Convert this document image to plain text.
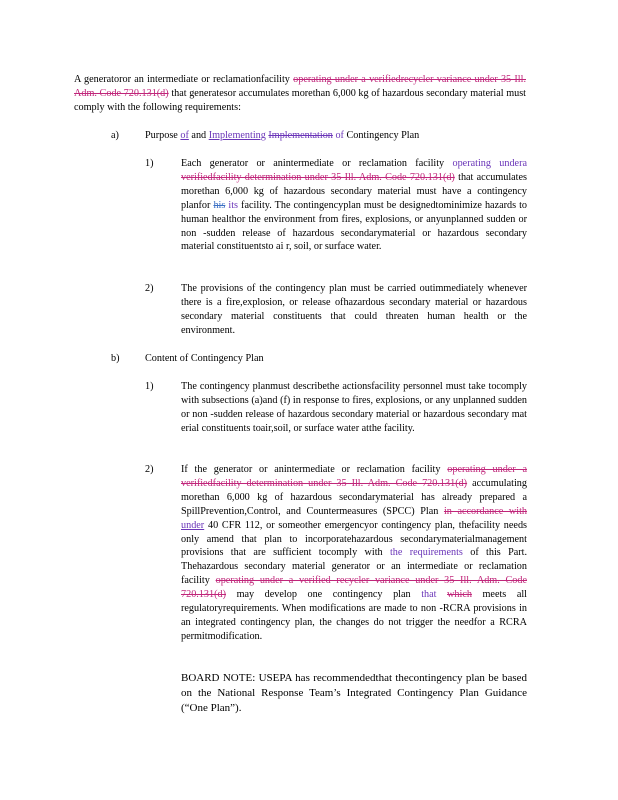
A generatoror an intermediate or reclamationfacility operating under a verifiedrecycler variance under 35 Ill. Adm. Code 720.131(d) that generatesor accumulates morethan 6,000 kg of hazardous secondary material must comply with the following requirements:
a)	Purpose of and Implementing Implementation of Contingency Plan
1)	Each generator or anintermediate or reclamation facility operating undera verifiedfacility determination under 35 Ill. Adm. Code 720.131(d) that accumulates morethan 6,000 kg of hazardous secondary material must have a contingency planfor his its facility. The contingencyplan must be designedtominimize hazards to human healthor the environment from fires, explosions, or anyunplanned sudden or non -sudden release of hazardous secondarymaterial or hazardous secondary material constituentsto ai r, soil, or surface water.
2)	The provisions of the contingency plan must be carried outimmediately whenever there is a fire,explosion, or release ofhazardous secondary material or hazardous secondary material constituents that could threaten human health or the environment.
b)	Content of Contingency Plan
1)	The contingency planmust describethe actionsfacility personnel must take tocomply with subsections (a)and (f) in response to fires, explosions, or any unplanned sudden or non -sudden release of hazardous secondary material or hazardous secondary mat erial constituents toair,soil, or surface water atthe facility.
2)	If the generator or anintermediate or reclamation facility operating under a verifiedfacility determination under 35 Ill. Adm. Code 720.131(d) accumulating morethan 6,000 kg of hazardous secondarymaterial has already prepared a SpillPrevention,Control, and Countermeasures (SPCC) Plan in accordance with under 40 CFR 112, or someother emergencyor contingency plan, thefacility needs only amend that plan to incorporatehazardous secondarymaterialmanagement provisions that are sufficient tocomply with the requirements of this Part. Thehazardous secondary material generator or an intermediate or reclamation facility operating under a verified recycler variance under 35 Ill. Adm. Code 720.131(d) may develop one contingency plan that which meets all regulatoryrequirements. When modifications are made to non -RCRA provisions in an integrated contingency plan, the changes do not trigger the needfor a RCRA permitmodification.
BOARD NOTE: USEPA has recommendedthat thecontingency plan be based on the National Response Team’s Integrated Contingency Plan Guidance (“One Plan”).
